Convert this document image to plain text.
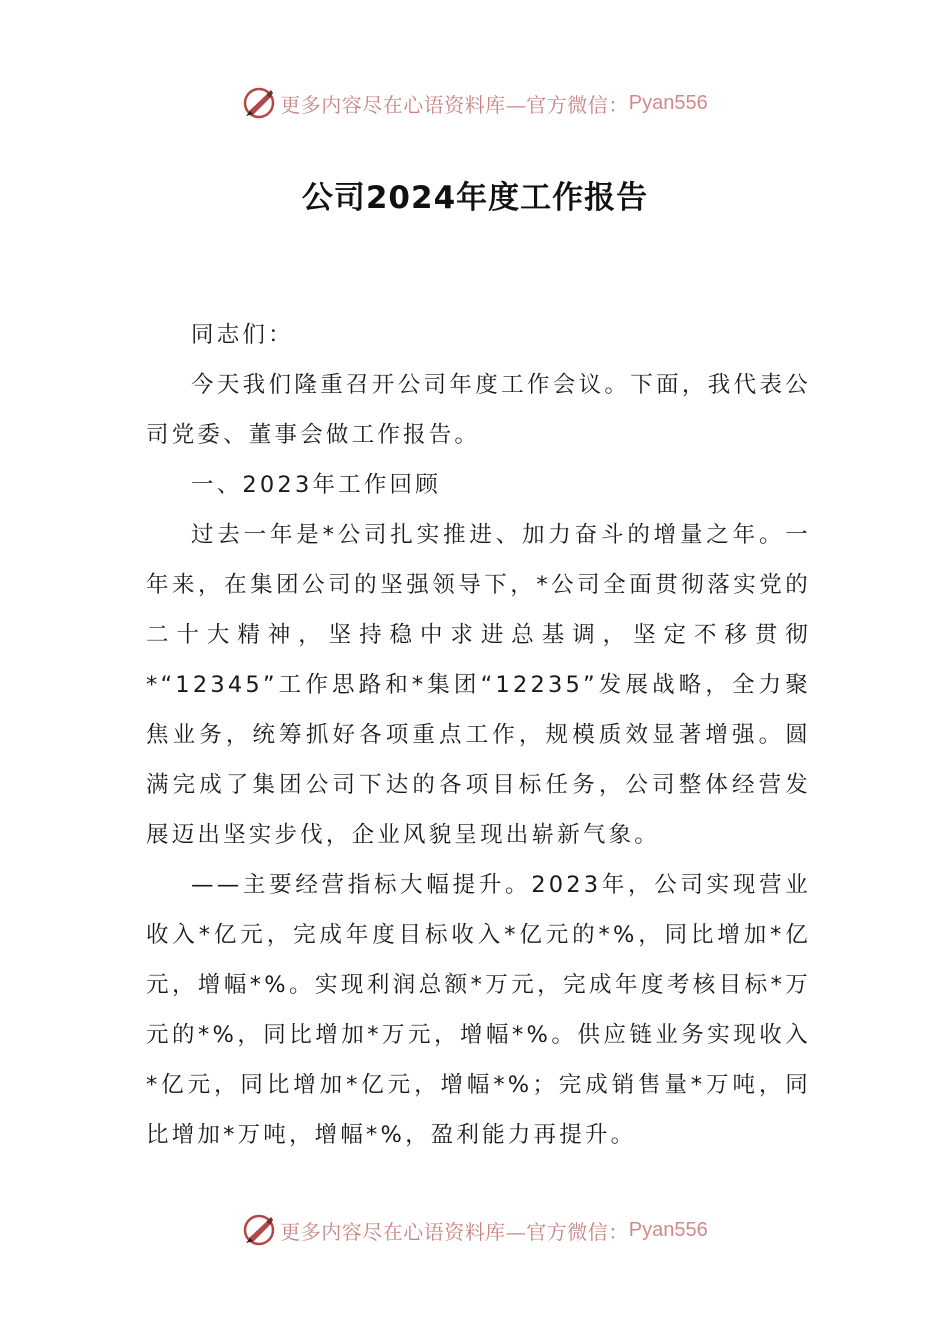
更多内容尽在心语资料库—官方微信： Pyan556
公司2024年度工作报告

同志们：

今天我们隆重召开公司年度工作会议。下面，我代表公司党委、董事会做工作报告。

一、2023年工作回顾

过去一年是*公司扎实推进、加力奋斗的增量之年。一年来，在集团公司的坚强领导下，*公司全面贯彻落实党的二十大精神，坚持稳中求进总基调，坚定不移贯彻*“12345”工作思路和*集团“12235”发展战略，全力聚焦业务，统筹抓好各项重点工作，规模质效显著增强。圆满完成了集团公司下达的各项目标任务，公司整体经营发展迈出坚实步伐，企业风貌呈现出崭新气象。

——主要经营指标大幅提升。2023年，公司实现营业收入*亿元，完成年度目标收入*亿元的*%，同比增加*亿元，增幅*%。实现利润总额*万元，完成年度考核目标*万元的*%，同比增加*万元，增幅*%。供应链业务实现收入*亿元，同比增加*亿元，增幅*%；完成销售量*万吨，同比增加*万吨，增幅*%，盈利能力再提升。

更多内容尽在心语资料库—官方微信： Pyan556
